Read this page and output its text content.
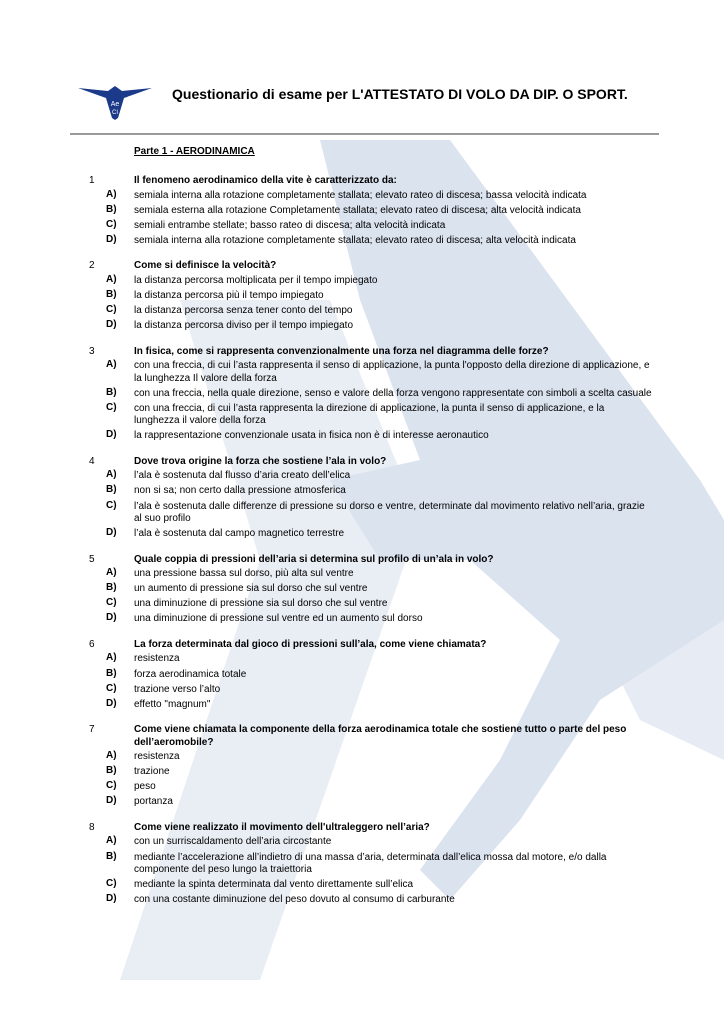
Ae
CI
Questionario di esame per L'ATTESTATO DI VOLO DA DIP. O SPORT.
Parte 1 - AERODINAMICA
1	Il fenomeno aerodinamico della vite è caratterizzato da:
A) semiala interna alla rotazione completamente stallata; elevato rateo di discesa; bassa velocità indicata
B) semiala esterna alla rotazione Completamente stallata; elevato rateo di discesa; alta velocità indicata
C) semiali entrambe stellate; basso rateo di discesa; alta velocità indicata
D) semiala interna alla rotazione completamente stallata; elevato rateo di discesa; alta velocità indicata
2	Come si definisce la velocità?
A) la distanza percorsa moltiplicata per il tempo impiegato
B) la distanza percorsa più il tempo impiegato
C) la distanza percorsa senza tener conto del tempo
D) la distanza percorsa diviso per il tempo impiegato
3	In fisica, come si rappresenta convenzionalmente una forza nel diagramma delle forze?
A) con una freccia, di cui l’asta rappresenta il senso di applicazione, la punta l'opposto della direzione di applicazione, e la lunghezza Il valore della forza
B) con una freccia, nella quale direzione, senso e valore della forza vengono rappresentate con simboli a scelta casuale
C) con una freccia, di cui l’asta rappresenta la direzione di applicazione, la punta il senso di applicazione, e la lunghezza il valore della forza
D) la rappresentazione convenzionale usata in fisica non è di interesse aeronautico
4	Dove trova origine la forza che sostiene l’ala in volo?
A) l’ala è sostenuta dal flusso d’aria creato dell’elica
B) non si sa; non certo dalla pressione atmosferica
C) l’ala è sostenuta dalle differenze di pressione su dorso e ventre, determinate dal movimento relativo nell’aria, grazie al suo profilo
D) l’ala è sostenuta dal campo magnetico terrestre
5	Quale coppia di pressioni dell’aria si determina sul profilo di un’ala in volo?
A) una pressione bassa sul dorso, più alta sul ventre
B) un aumento di pressione sia sul dorso che sul ventre
C) una diminuzione di pressione sia sul dorso che sul ventre
D) una diminuzione di pressione sul ventre ed un aumento sul dorso
6	La forza determinata dal gioco di pressioni sull’ala, come viene chiamata?
A) resistenza
B) forza aerodinamica totale
C) trazione verso l’alto
D) effetto "magnum"
7	Come viene chiamata la componente della forza aerodinamica totale che sostiene tutto o parte del peso dell’aeromobile?
A) resistenza
B) trazione
C) peso
D) portanza
8	Come viene realizzato il movimento dell'ultraleggero nell’aria?
A) con un surriscaldamento dell’aria circostante
B) mediante l’accelerazione all’indietro di una massa d’aria, determinata dall’elica mossa dal motore, e/o dalla componente del peso lungo la traiettoria
C) mediante la spinta determinata dal vento direttamente sull’elica
D) con una costante diminuzione del peso dovuto al consumo di carburante
